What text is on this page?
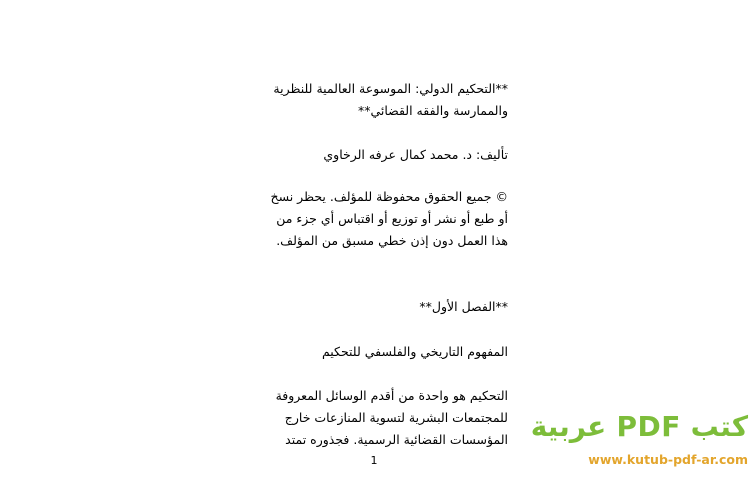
**التحكيم الدولي: الموسوعة العالمية للنظرية
والممارسة والفقه القضائي**
تأليف: د. محمد كمال عرفه الرخاوي
© جميع الحقوق محفوظة للمؤلف. يحظر نسخ
أو طبع أو نشر أو توزيع أو اقتباس أي جزء من
هذا العمل دون إذن خطي مسبق من المؤلف.
**الفصل الأول**
المفهوم التاريخي والفلسفي للتحكيم
التحكيم هو واحدة من أقدم الوسائل المعروفة
للمجتمعات البشرية لتسوية المنازعات خارج
المؤسسات القضائية الرسمية. فجذوره تمتد
1
كتب PDF عربية
www.kutub-pdf-ar.com
